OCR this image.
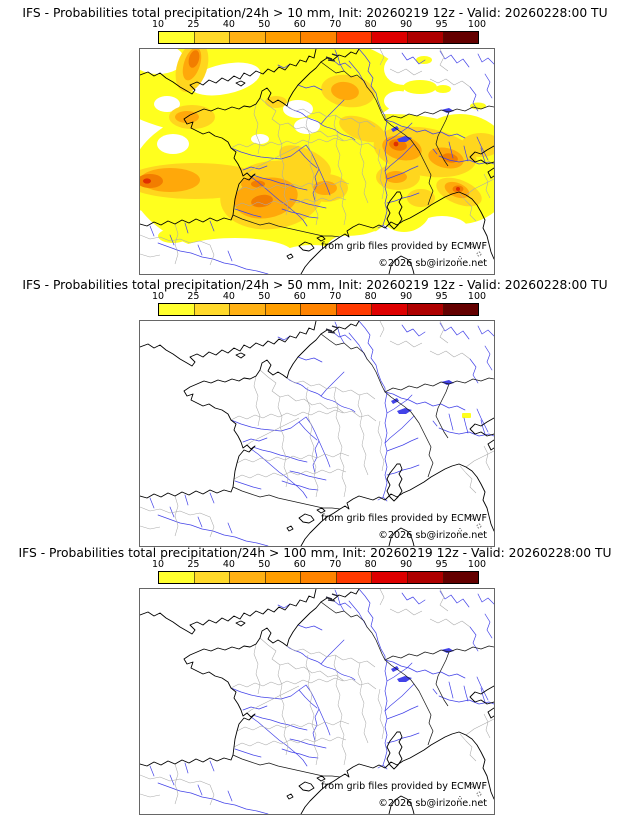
IFS - Probabilities total precipitation/24h > 10 mm, Init: 20260219 12z - Valid: 20260228:00 TU
10 25 40 50 60 70 80 90 95 100
from grib files provided by ECMWF
©2026 sb@irizone.net
IFS - Probabilities total precipitation/24h > 50 mm, Init: 20260219 12z - Valid: 20260228:00 TU
10 25 40 50 60 70 80 90 95 100
from grib files provided by ECMWF
©2026 sb@irizone.net
IFS - Probabilities total precipitation/24h > 100 mm, Init: 20260219 12z - Valid: 20260228:00 TU
10 25 40 50 60 70 80 90 95 100
from grib files provided by ECMWF
©2026 sb@irizone.net
